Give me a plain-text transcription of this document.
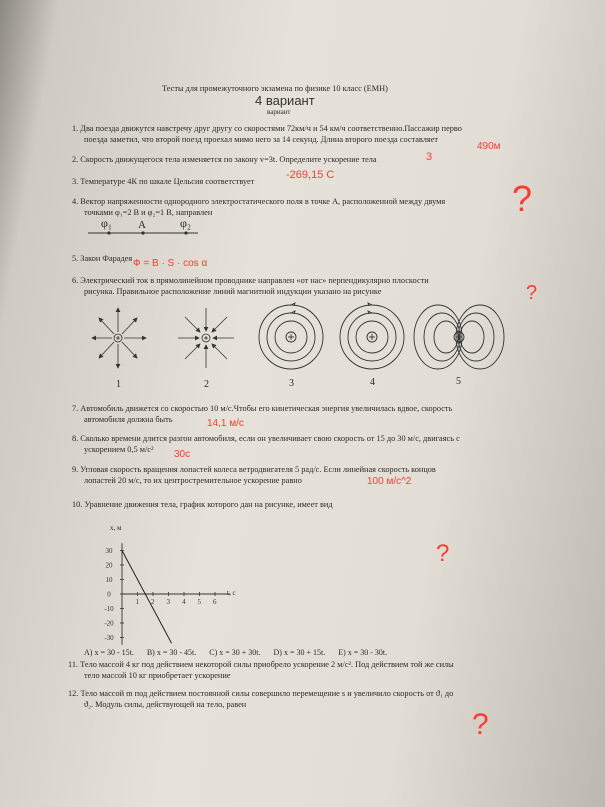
Тесты для промежуточного экзамена по физике 10 класс (ЕМН)
вариант
4 вариант
1. Два поезда движутся навстречу друг другу со скоростями 72км/ч и 54 км/ч соответственно.Пассажир перво
поезда заметил, что второй поезд проехал мимо него за 14 секунд. Длина второго поезда составляет
490м
2. Скорость движущегося тела изменяется по закону v=3t. Определите ускорение тела	3
3. Температуре 4К по шкале Цельсия соответствует
-269,15 С
4. Вектор напряженности однородного электростатического поля в точке А, расположенной между двумя
точками φ₁=2 В и φ₂=1 В, направлен
φ₁ A	φ₂
?
5. Закон Фарадея Ф = В · S · cos α
6. Электрический ток в прямолинейном проводнике направлен «от нас» перпендикулярно плоскости
рисунка. Правильное расположение линий магнитной индукции указано на рисунке	?
1	2	3	4	5
7. Автомобиль движется со скоростью 10 м/с.Чтобы его кинетическая энергия увеличилась вдвое, скорость
автомобиля должна быть	14,1 м/с
8. Сколько времени длится разгон автомобиля, если он увеличивает свою скорость от 15 до 30 м/с, двигаясь с
ускорением 0,5 м/с² 30с
9. Угловая скорость вращения лопастей колеса ветродвигателя 5 рад/с. Если линейная скорость концов
лопастей 20 м/с, то их центростремительное ускорение равно	100 м/с^2
10. Уравнение движения тела, график которого дан на рисунке, имеет вид
?
1 2 3 4 5 6
30
20
10
0
-10
-20
-30
x, м
t, c
A) x = 30 - 15t. B) x = 30 - 45t. C) x = 30 + 30t. D) x = 30 + 15t. E) x = 30 - 30t.
11. Тело массой 4 кг под действием некоторой силы приобрело ускорение 2 м/с². Под действием той же силы
тело массой 10 кг приобретает ускорение
12. Тело массой m под действием постоянной силы совершило перемещение s и увеличило скорость от ϑ₁ до
ϑ₂. Модуль силы, действующей на тело, равен
?
